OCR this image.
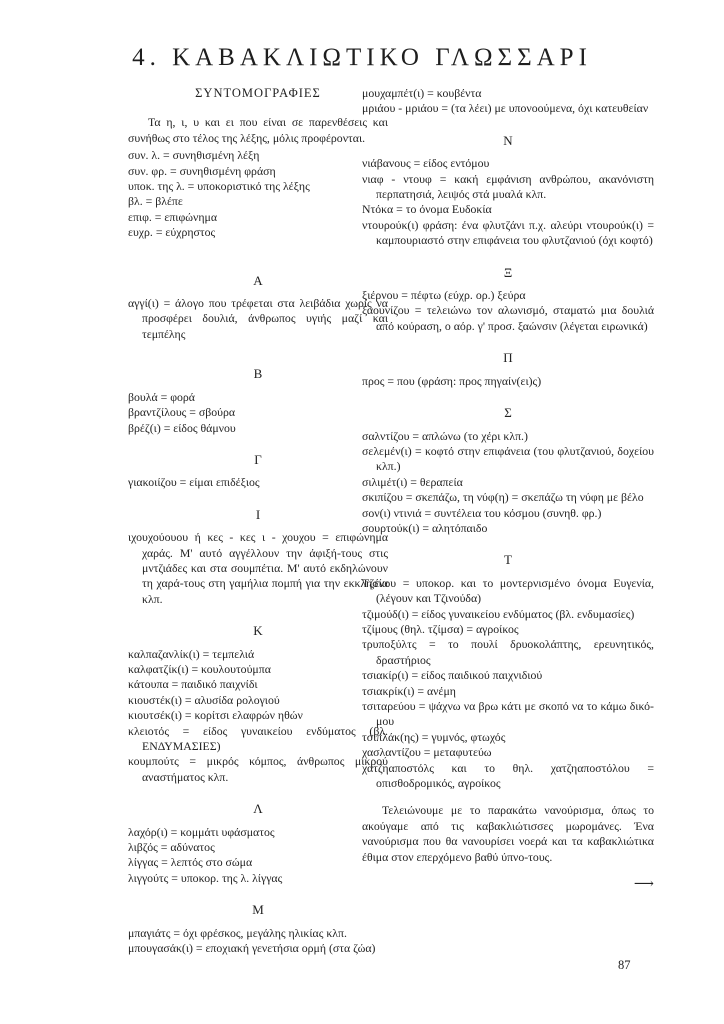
4. ΚΑΒΑΚΛΙΩΤΙΚΟ ΓΛΩΣΣΑΡΙ
ΣΥΝΤΟΜΟΓΡΑΦΙΕΣ

Τα η, ι, υ και ει που είναι σε παρενθέσεις και συνήθως στο τέλος της λέξης, μόλις προφέρονται.

συν. λ. = συνηθισμένη λέξη

συν. φρ. = συνηθισμένη φράση

υποκ. της λ. = υποκοριστικό της λέξης

βλ. = βλέπε

επιφ. = επιφώνημα

ευχρ. = εύχρηστος

Α

αγγί(ι) = άλογο που τρέφεται στα λειβάδια χωρίς να προσφέρει δουλιά, άνθρωπος υγιής μαζί και τεμπέλης

Β

βουλά = φορά

βραντζίλους = σβούρα

βρέζ(ι) = είδος θάμνου

Γ

γιακοιίζου = είμαι επιδέξιος

Ι

ιχουχούουου ή κες - κες ι - χουχου = επιφώνημα χαράς. Μ' αυτό αγγέλλουν την άφιξή-τους στις μντζιάδες και στα σουμπέτια. Μ' αυτό εκδηλώνουν τη χαρά-τους στη γαμήλια πομπή για την εκκλησία κλπ.

Κ

καλπαζανλίκ(ι) = τεμπελιά

καλφατζίκ(ι) = κουλουτούμπα

κάτουπα = παιδικό παιχνίδι

κιουστέκ(ι) = αλυσίδα ρολογιού

κιουτσέκ(ι) = κορίτσι ελαφρών ηθών

κλειοτός = είδος γυναικείου ενδύματος (βλ. ΕΝΔΥΜΑΣΙΕΣ)

κουμπούτς = μικρός κόμπος, άνθρωπος μικρού αναστήματος κλπ.

Λ

λαχόρ(ι) = κομμάτι υφάσματος

λιβζός = αδύνατος

λίγγας = λεπτός στο σώμα

λιγγούτς = υποκορ. της λ. λίγγας

Μ

μπαγιάτς = όχι φρέσκος, μεγάλης ηλικίας κλπ.

μπουγασάκ(ι) = εποχιακή γενετήσια ορμή (στα ζώα)

μουχαμπέτ(ι) = κουβέντα

μριάου - μριάου = (τα λέει) με υπονοούμενα, όχι κατευθείαν

Ν

νιάβανους = είδος εντόμου

νιαφ - ντουφ = κακή εμφάνιση ανθρώπου, ακανόνιστη περπατησιά, λειψός στά μυαλά κλπ.

Ντόκα = το όνομα Ευδοκία

ντουρούκ(ι) φράση: ένα φλυτζάνι π.χ. αλεύρι ντουρούκ(ι) = καμπουριαστό στην επιφάνεια του φλυτζανιού (όχι κοφτό)

Ξ

ξιέρνου = πέφτω (εύχρ. ορ.) ξεύρα

ξαουνίζου = τελειώνω τον αλωνισμό, σταματώ μια δουλιά από κούραση, ο αόρ. γ' προσ. ξαώνσιν (λέγεται ειρωνικά)

Π

πρoς = που (φράση: προς πηγαίν(ει)ς)

Σ

σαλντίζου = απλώνω (το χέρι κλπ.)

σελεμέν(ι) = κοφτό στην επιφάνεια (του φλυτζανιού, δοχείου κλπ.)

σιλιμέτ(ι) = θεραπεία

σκιπίζου = σκεπάζω, τη νύφ(η) = σκεπάζω τη νύφη με βέλο

σον(ι) ντινιά = συντέλεια του κόσμου (συνηθ. φρ.)

σουρτούκ(ι) = αλητόπαιδο

Τ

Τζένου = υποκορ. και το μοντερνισμένο όνομα Ευγενία, (λέγουν και Τζινούδα)

τζιμούδ(ι) = είδος γυναικείου ενδύματος (βλ. ενδυμασίες)

τζίμους (θηλ. τζίμσα) = αγροίκος

τρυποξύλτς = το πουλί δρυοκολάπτης, ερευνητικός, δραστήριος

τσιακίρ(ι) = είδος παιδικού παιχνιδιού

τσιακρίκ(ι) = ανέμη

τσιταρεύου = ψάχνω να βρω κάτι με σκοπό να το κάμω δικό-μου

τσιπλάκ(ης) = γυμνός, φτωχός

χασλαντίζου = μεταφυτεύω

χατζηαποστόλς και το θηλ. χατζηαποστόλου = οπισθοδρομικός, αγροίκος

Τελειώνουμε με το παρακάτω νανούρισμα, όπως το ακούγαμε από τις καβακλιώτισσες μωρομάνες. Ένα νανούρισμα που θα νανουρίσει νοερά και τα καβακλιώτικα έθιμα στον επερχόμενο βαθύ ύπνο-τους.

⟶
87
